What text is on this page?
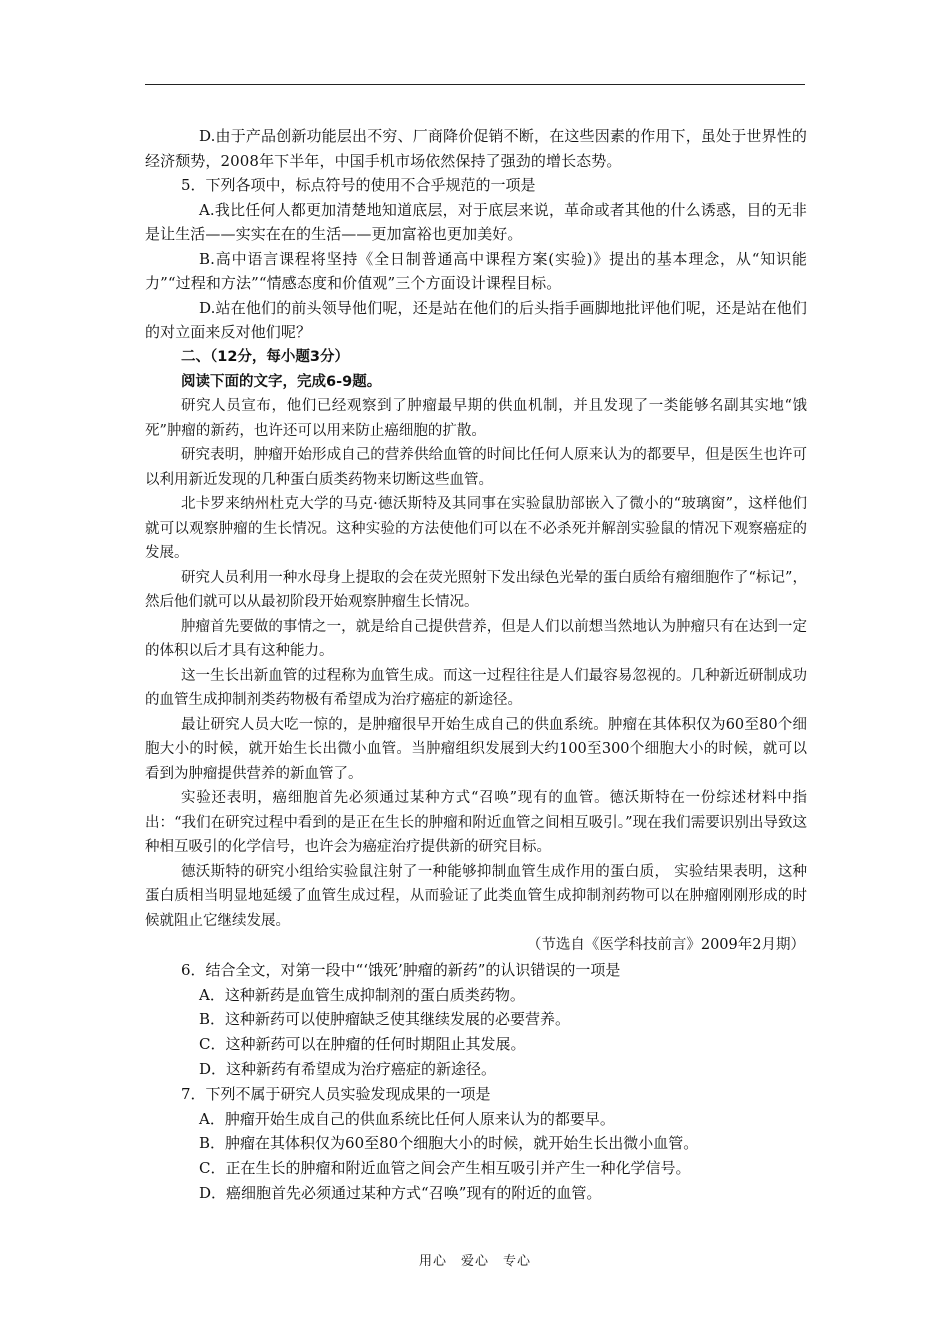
D.由于产品创新功能层出不穷、厂商降价促销不断，在这些因素的作用下，虽处于世界性的经济颓势，2008年下半年，中国手机市场依然保持了强劲的增长态势。

5．下列各项中，标点符号的使用不合乎规范的一项是

A.我比任何人都更加清楚地知道底层，对于底层来说，革命或者其他的什么诱惑，目的无非是让生活——实实在在的生活——更加富裕也更加美好。

B.高中语言课程将坚持《全日制普通高中课程方案(实验)》提出的基本理念，从“知识能力”“过程和方法”“情感态度和价值观”三个方面设计课程目标。

D.站在他们的前头领导他们呢，还是站在他们的后头指手画脚地批评他们呢，还是站在他们的对立面来反对他们呢？

二、（12分，每小题3分）

阅读下面的文字，完成6-9题。

研究人员宣布，他们已经观察到了肿瘤最早期的供血机制，并且发现了一类能够名副其实地“饿死”肿瘤的新药，也许还可以用来防止癌细胞的扩散。

研究表明，肿瘤开始形成自己的营养供给血管的时间比任何人原来认为的都要早，但是医生也许可以利用新近发现的几种蛋白质类药物来切断这些血管。

北卡罗来纳州杜克大学的马克·德沃斯特及其同事在实验鼠肋部嵌入了微小的“玻璃窗”，这样他们就可以观察肿瘤的生长情况。这种实验的方法使他们可以在不必杀死并解剖实验鼠的情况下观察癌症的发展。

研究人员利用一种水母身上提取的会在荧光照射下发出绿色光晕的蛋白质给有瘤细胞作了“标记”， 然后他们就可以从最初阶段开始观察肿瘤生长情况。

肿瘤首先要做的事情之一，就是给自己提供营养，但是人们以前想当然地认为肿瘤只有在达到一定的体积以后才具有这种能力。

这一生长出新血管的过程称为血管生成。而这一过程往往是人们最容易忽视的。几种新近研制成功的血管生成抑制剂类药物极有希望成为治疗癌症的新途径。

最让研究人员大吃一惊的，是肿瘤很早开始生成自己的供血系统。肿瘤在其体积仅为60至80个细胞大小的时候，就开始生长出微小血管。当肿瘤组织发展到大约100至300个细胞大小的时候，就可以看到为肿瘤提供营养的新血管了。

实验还表明，癌细胞首先必须通过某种方式“召唤”现有的血管。德沃斯特在一份综述材料中指出：“我们在研究过程中看到的是正在生长的肿瘤和附近血管之间相互吸引。”现在我们需要识别出导致这种相互吸引的化学信号，也许会为癌症治疗提供新的研究目标。

德沃斯特的研究小组给实验鼠注射了一种能够抑制血管生成作用的蛋白质， 实验结果表明，这种蛋白质相当明显地延缓了血管生成过程，从而验证了此类血管生成抑制剂药物可以在肿瘤刚刚形成的时候就阻止它继续发展。

（节选自《医学科技前言》2009年2月期）

6．结合全文，对第一段中“‘饿死’肿瘤的新药”的认识错误的一项是

A．这种新药是血管生成抑制剂的蛋白质类药物。

B．这种新药可以使肿瘤缺乏使其继续发展的必要营养。

C．这种新药可以在肿瘤的任何时期阻止其发展。

D．这种新药有希望成为治疗癌症的新途径。

7．下列不属于研究人员实验发现成果的一项是

A．肿瘤开始生成自己的供血系统比任何人原来认为的都要早。

B．肿瘤在其体积仅为60至80个细胞大小的时候，就开始生长出微小血管。

C．正在生长的肿瘤和附近血管之间会产生相互吸引并产生一种化学信号。

D．癌细胞首先必须通过某种方式“召唤”现有的附近的血管。

用心　爱心　专心
